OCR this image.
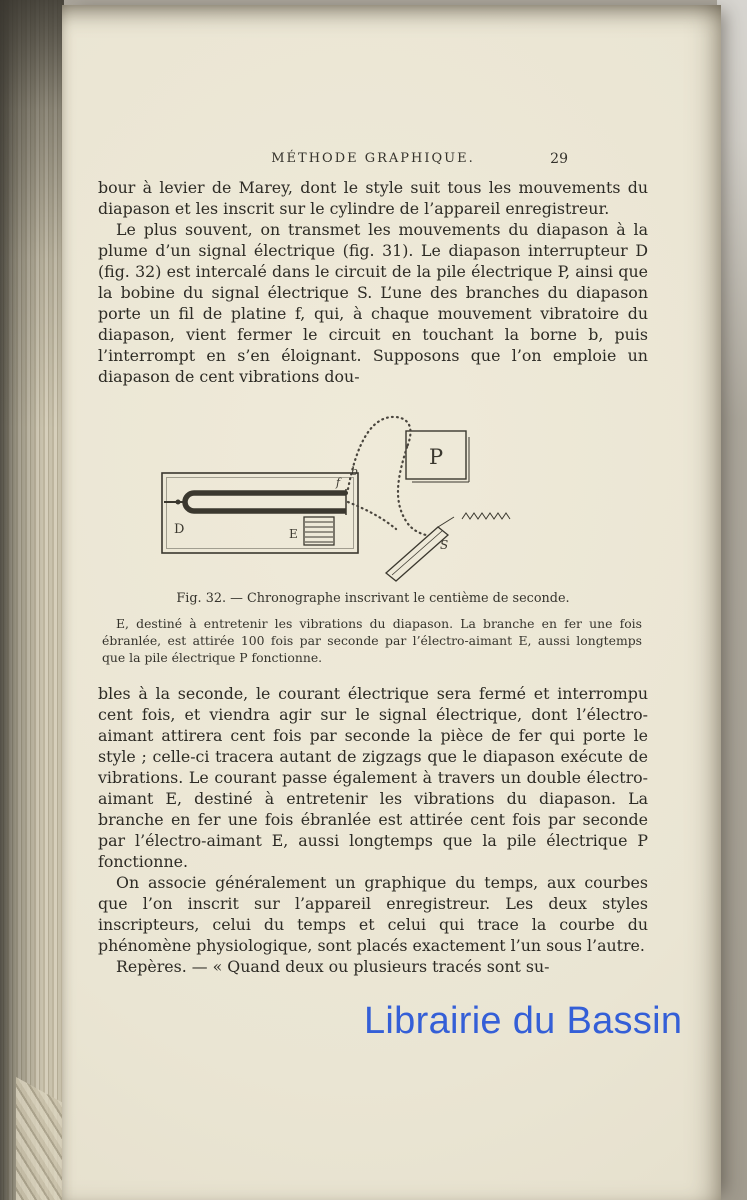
MÉTHODE GRAPHIQUE.	29

bour à levier de Marey, dont le style suit tous les mouvements du diapason et les inscrit sur le cylindre de l’appareil enregistreur.

Le plus souvent, on transmet les mouvements du diapason à la plume d’un signal électrique (fig. 31). Le diapason interrupteur D (fig. 32) est intercalé dans le circuit de la pile électrique P, ainsi que la bobine du signal électrique S. L’une des branches du diapason porte un fil de platine f, qui, à chaque mouvement vibratoire du diapason, vient fermer le circuit en touchant la borne b, puis l’interrompt en s’en éloignant. Supposons que l’on emploie un diapason de cent vibrations dou-

D	E
f
b
P
S
Fig. 32. — Chronographe inscrivant le centième de seconde.
E, destiné à entretenir les vibrations du diapason. La branche en fer une fois ébranlée, est attirée 100 fois par seconde par l’électro-aimant E, aussi longtemps que la pile électrique P fonctionne.

bles à la seconde, le courant électrique sera fermé et interrompu cent fois, et viendra agir sur le signal électrique, dont l’électro-aimant attirera cent fois par seconde la pièce de fer qui porte le style ; celle-ci tracera autant de zigzags que le diapason exécute de vibrations. Le courant passe également à travers un double électro-aimant E, destiné à entretenir les vibrations du diapason. La branche en fer une fois ébranlée est attirée cent fois par seconde par l’électro-aimant E, aussi longtemps que la pile électrique P fonctionne.

On associe généralement un graphique du temps, aux courbes que l’on inscrit sur l’appareil enregistreur. Les deux styles inscripteurs, celui du temps et celui qui trace la courbe du phénomène physiologique, sont placés exactement l’un sous l’autre.

Repères. — « Quand deux ou plusieurs tracés sont su-

Librairie du Bassin
